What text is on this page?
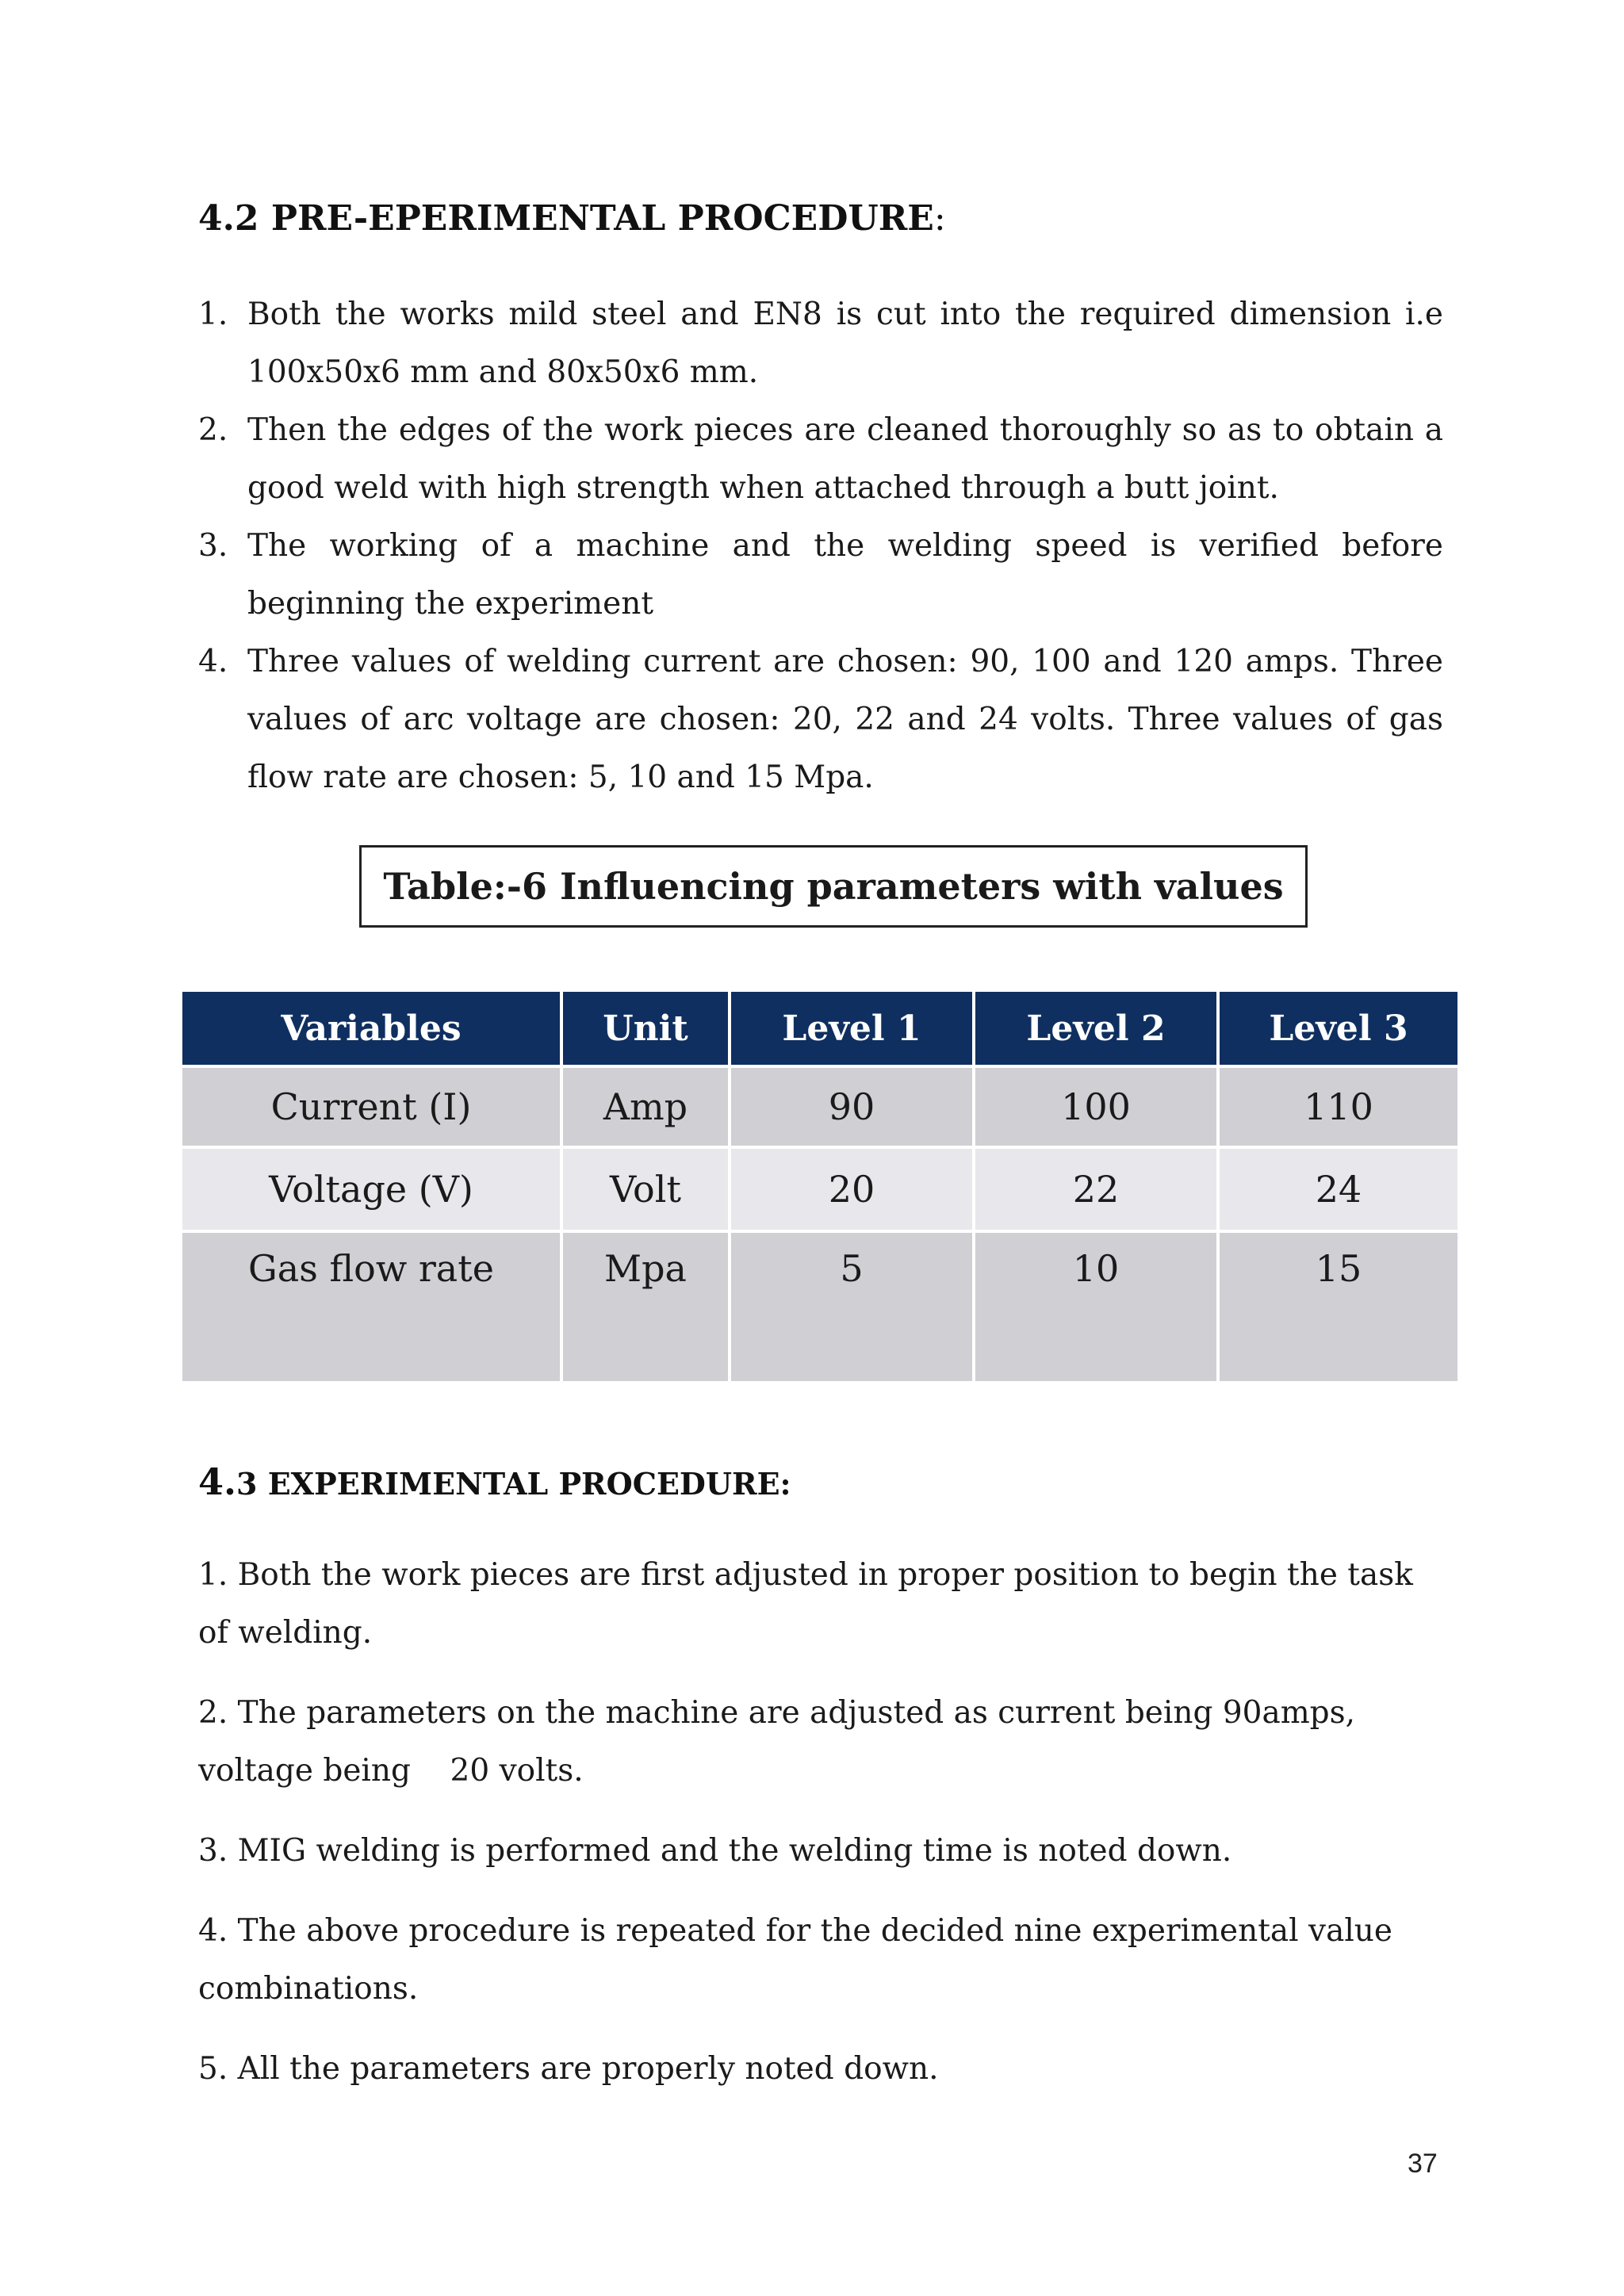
4.2 PRE-EPERIMENTAL PROCEDURE:
1. Both the works mild steel and EN8 is cut into the required dimension i.e 100x50x6 mm and 80x50x6 mm.
2. Then the edges of the work pieces are cleaned thoroughly so as to obtain a good weld with high strength when attached through a butt joint.
3. The working of a machine and the welding speed is verified before beginning the experiment
4. Three values of welding current are chosen: 90, 100 and 120 amps. Three values of arc voltage are chosen: 20, 22 and 24 volts. Three values of gas flow rate are chosen: 5, 10 and 15 Mpa.
Table:-6 Influencing parameters with values
Variables	Unit	Level 1	Level 2	Level 3
Current (I)	Amp	90	100	110
Voltage (V)	Volt	20	22	24
Gas flow rate	Mpa	5	10	15
4.3 EXPERIMENTAL PROCEDURE:

1. Both the work pieces are first adjusted in proper position to begin the task of welding.

2. The parameters on the machine are adjusted as current being 90amps, voltage being    20 volts.

3. MIG welding is performed and the welding time is noted down.

4. The above procedure is repeated for the decided nine experimental value combinations.

5. All the parameters are properly noted down.

37
